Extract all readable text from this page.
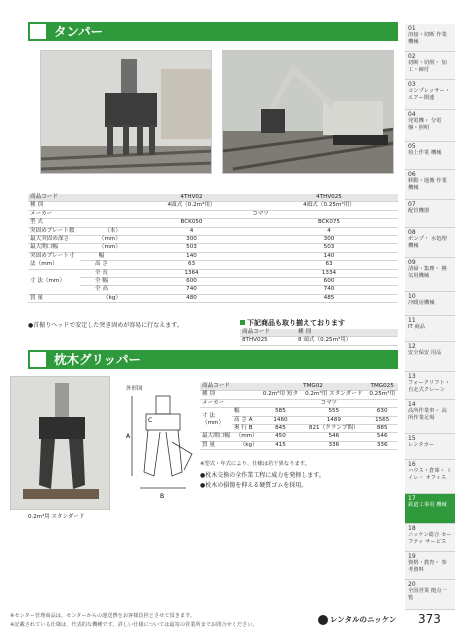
タンパー
商品コード		4THV02	4THV025
種 別		4頭式（0.2m³用）	4頭式（0.25m³用）
メーカー		コマツ	
型 式		BCK050	BCK075
突固めプレート数	（本）	4	4
最大突固め深さ	（mm）	300	300
最大開口幅	（mm）	503	503
突固めプレート寸法（mm）	幅	140	140
	高 さ	63	63
寸 法（mm）	全 長	1364	1334
	全 幅	600	600
	全 高	740	740
質 量	（kg）	480	485
●首振りヘッドで安定した突き固めが容易に行なえます。	下記商品も取り揃えております
商品コード	種 別
8THV025	8 頭式（0.25m³用）
枕木グリッパー
0.2m³用 スタンダード
外形図
A
B
C
商品コード		TMG02		TMG025
種 別		0.2m³用 短タ	0.2m³用 スタンダード	0.25m³用
メーカー		コマツ		
寸 法（mm）	幅	585	555	630
	高 さ A	1460	1489	1565
	奥 行 B	845	821（クランプ間）	885
最大開口幅	（mm）	450	546	546
質 量	（kg）	415	336	336
※型式・年式により、仕様は若干異なります。
●枕木交換の全作業工程に威力を発揮します。
●枕木の損傷を抑える硬質ゴムを採用。
※センター管理商品は、センターからの運送費をお客様負担とさせて頂きます。
※記載されている仕様は、代表的な機種です。詳しい仕様については最寄の営業所までお問合せください。
レンタルのニッケン
01
溶接・切断 作業機械
02
切断・切削・ 加工・締付
03
コンプレッサー・ エアー関連
04
発電機・ 分電盤・照明
05
荷上作業 機械
06
移動・運搬 作業機械
07
配管機器
08
ポンプ・ 水処理機械
09
清掃・集塵・ 換気用機械
10
冷暖房機械
11
IT 商品
12
安全保安 用品
13
フォークリフト・ 自走式クレーン
14
高所作業車・ 高所作業足場
15
レンタカー
16
ハウス・倉庫・ トイレ・ オフィス
17
鉄道工事用 機械
18
ニッケン総合 セーフティ サービス
19
資格・教育・ 参考資料
20
全国営業 拠点一覧
373
